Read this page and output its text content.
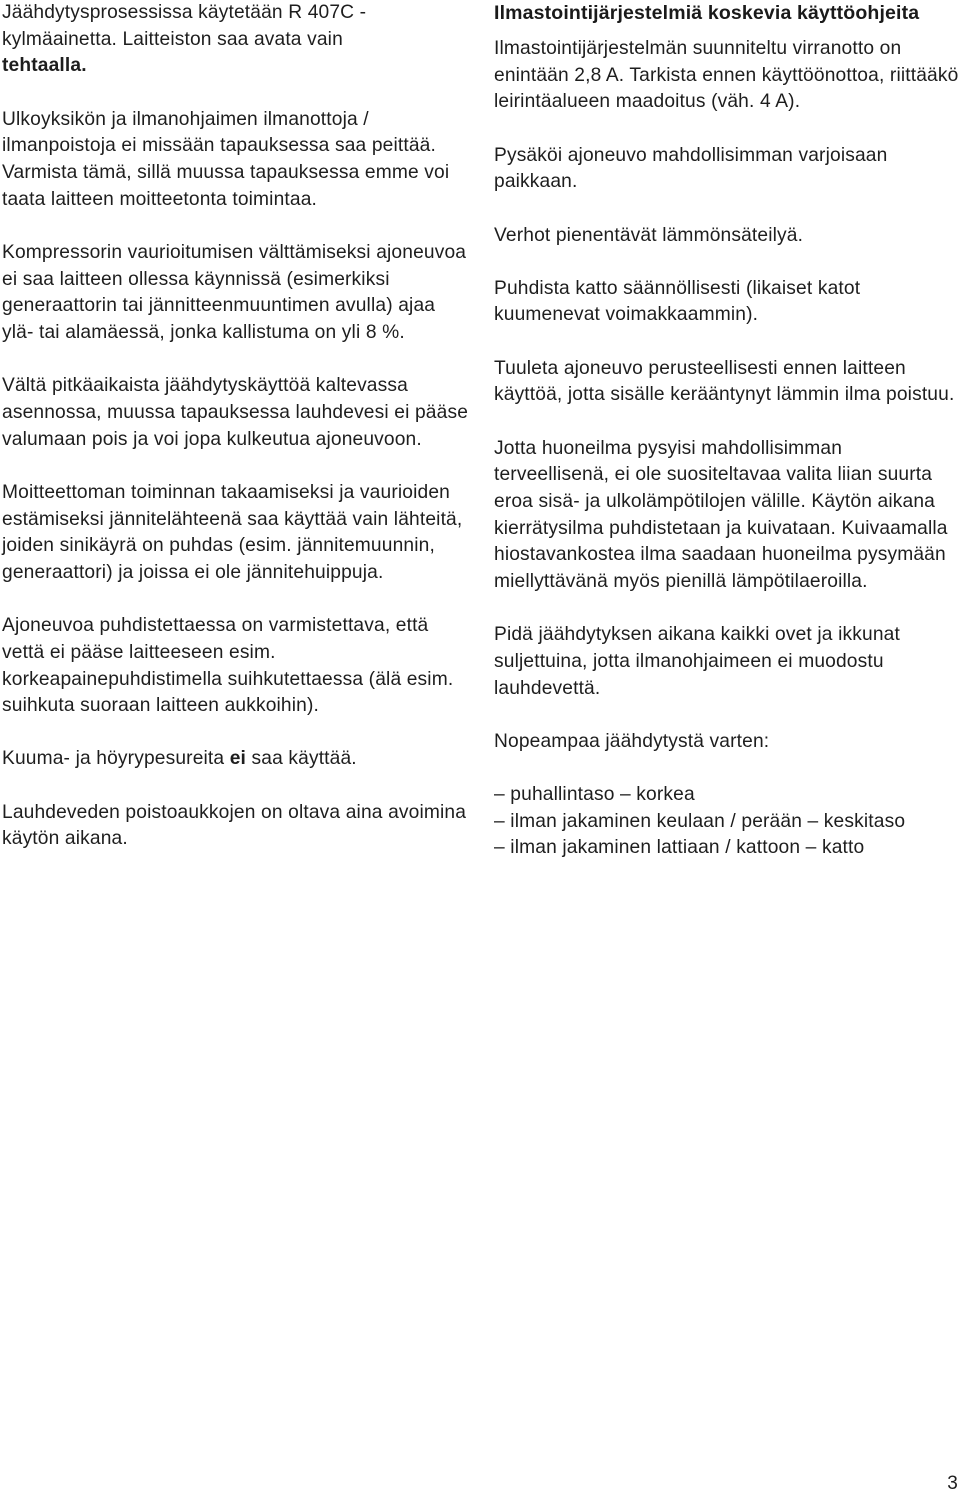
Jäähdytysprosessissa käytetään R 407C -kylmäainetta. Laitteiston saa avata vain
tehtaalla.

Ulkoyksikön ja ilmanohjaimen ilmanottoja / ilmanpoistoja ei missään tapauksessa saa peittää. Varmista tämä, sillä muussa tapauksessa emme voi taata laitteen moitteetonta toimintaa.

Kompressorin vaurioitumisen välttämiseksi ajoneuvoa ei saa laitteen ollessa käynnissä (esimerkiksi generaattorin tai jännitteenmuuntimen avulla) ajaa ylä- tai alamäessä, jonka kallistuma on yli 8 %.

Vältä pitkäaikaista jäähdytyskäyttöä kaltevassa asennossa, muussa tapauksessa lauhdevesi ei pääse valumaan pois ja voi jopa kulkeutua ajoneuvoon.

Moitteettoman toiminnan takaamiseksi ja vaurioiden estämiseksi jännitelähteenä saa käyttää vain lähteitä, joiden sinikäyrä on puhdas (esim. jännitemuunnin, generaattori) ja joissa ei ole jännitehuippuja.

Ajoneuvoa puhdistettaessa on varmistettava, että vettä ei pääse laitteeseen esim. korkeapainepuhdistimella suihkutettaessa (älä esim. suihkuta suoraan laitteen aukkoihin).

Kuuma- ja höyrypesureita ei saa käyttää.

Lauhdeveden poistoaukkojen on oltava aina avoimina käytön aikana.

Ilmastointijärjestelmiä koskevia käyttöohjeita

Ilmastointijärjestelmän suunniteltu virranotto on enintään 2,8 A. Tarkista ennen käyttöönottoa, riittääkö leirintäalueen maadoitus (väh. 4 A).

Pysäköi ajoneuvo mahdollisimman varjoisaan paikkaan.

Verhot pienentävät lämmönsäteilyä.

Puhdista katto säännöllisesti (likaiset katot kuumenevat voimakkaammin).

Tuuleta ajoneuvo perusteellisesti ennen laitteen käyttöä, jotta sisälle kerääntynyt lämmin ilma poistuu.

Jotta huoneilma pysyisi mahdollisimman terveellisenä, ei ole suositeltavaa valita liian suurta eroa sisä- ja ulkolämpötilojen välille. Käytön aikana kierrätysilma puhdistetaan ja kuivataan. Kuivaamalla hiostavankostea ilma saadaan huoneilma pysymään miellyttävänä myös pienillä lämpötilaeroilla.

Pidä jäähdytyksen aikana kaikki ovet ja ikkunat suljettuina, jotta ilmanohjaimeen ei muodostu lauhdevettä.

Nopeampaa jäähdytystä varten:

– puhallintaso – korkea
– ilman jakaminen keulaan / perään – keskitaso
– ilman jakaminen lattiaan / kattoon – katto
3
